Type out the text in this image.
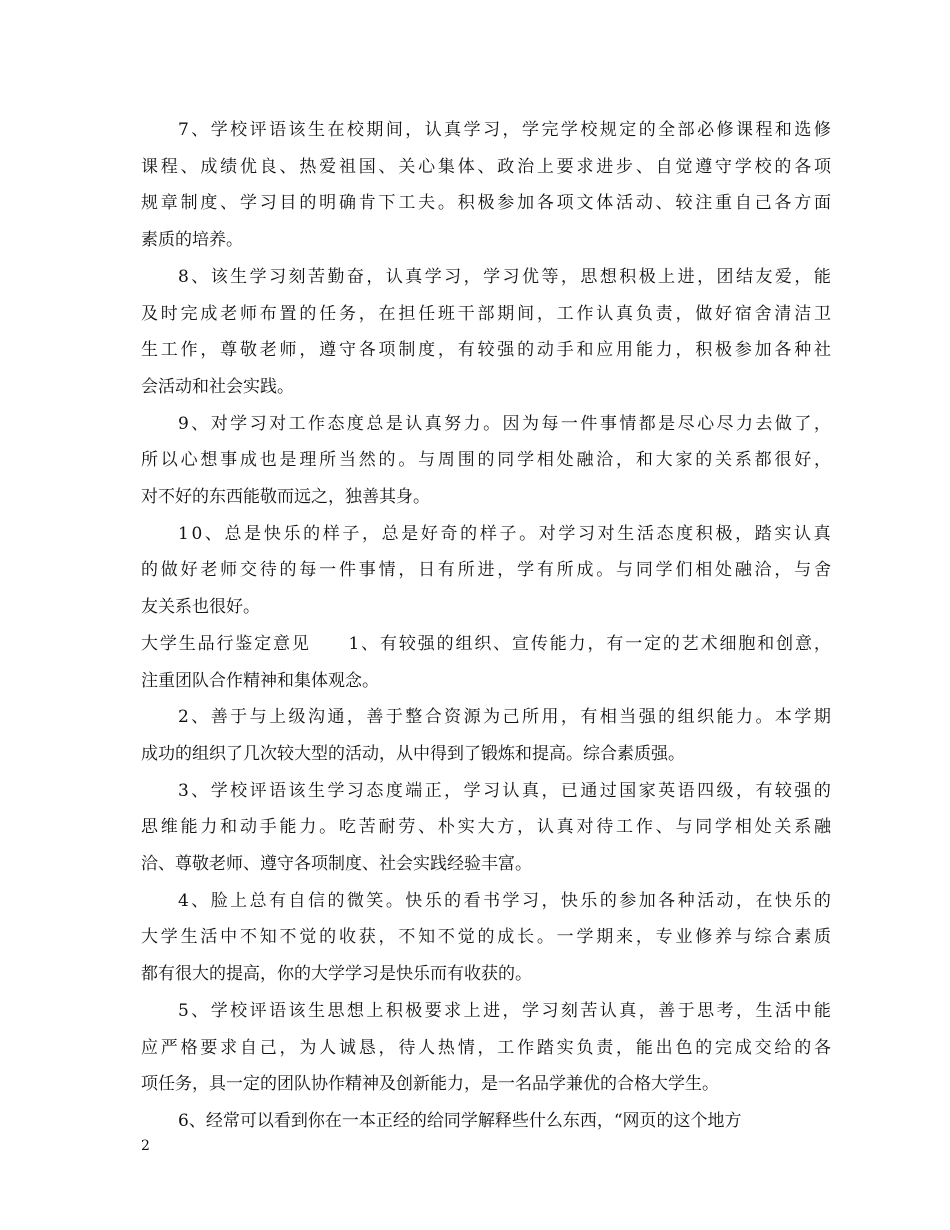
7、学校评语该生在校期间，认真学习，学完学校规定的全部必修课程和选修
课程、成绩优良、热爱祖国、关心集体、政治上要求进步、自觉遵守学校的各项
规章制度、学习目的明确肯下工夫。积极参加各项文体活动、较注重自己各方面
素质的培养。
8、该生学习刻苦勤奋，认真学习，学习优等，思想积极上进，团结友爱，能
及时完成老师布置的任务，在担任班干部期间，工作认真负责，做好宿舍清洁卫
生工作，尊敬老师，遵守各项制度，有较强的动手和应用能力，积极参加各种社
会活动和社会实践。
9、对学习对工作态度总是认真努力。因为每一件事情都是尽心尽力去做了，
所以心想事成也是理所当然的。与周围的同学相处融洽，和大家的关系都很好，
对不好的东西能敬而远之，独善其身。
10、总是快乐的样子，总是好奇的样子。对学习对生活态度积极，踏实认真
的做好老师交待的每一件事情，日有所进，学有所成。与同学们相处融洽，与舍
友关系也很好。
大学生品行鉴定意见　　1、有较强的组织、宣传能力，有一定的艺术细胞和创意，
注重团队合作精神和集体观念。
2、善于与上级沟通，善于整合资源为己所用，有相当强的组织能力。本学期
成功的组织了几次较大型的活动，从中得到了锻炼和提高。综合素质强。
3、学校评语该生学习态度端正，学习认真，已通过国家英语四级，有较强的
思维能力和动手能力。吃苦耐劳、朴实大方，认真对待工作、与同学相处关系融
洽、尊敬老师、遵守各项制度、社会实践经验丰富。
4、脸上总有自信的微笑。快乐的看书学习，快乐的参加各种活动，在快乐的
大学生活中不知不觉的收获，不知不觉的成长。一学期来，专业修养与综合素质
都有很大的提高，你的大学学习是快乐而有收获的。
5、学校评语该生思想上积极要求上进，学习刻苦认真，善于思考，生活中能
应严格要求自己，为人诚恳，待人热情，工作踏实负责，能出色的完成交给的各
项任务，具一定的团队协作精神及创新能力，是一名品学兼优的合格大学生。
6、经常可以看到你在一本正经的给同学解释些什么东西，“网页的这个地方
2
